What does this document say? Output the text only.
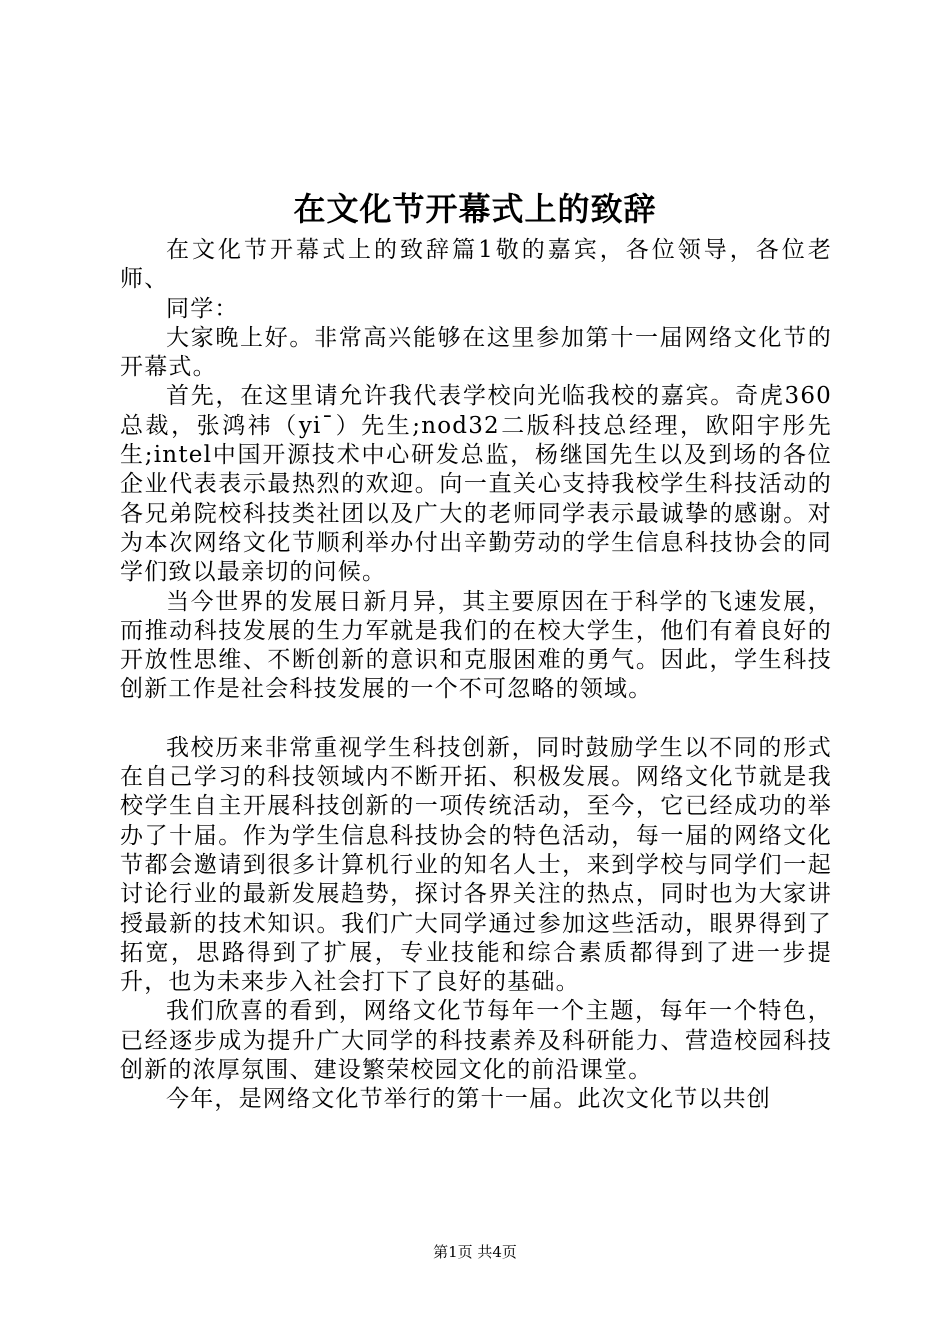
在文化节开幕式上的致辞

在文化节开幕式上的致辞篇1敬的嘉宾，各位领导，各位老师、

同学：

大家晚上好。非常高兴能够在这里参加第十一届网络文化节的开幕式。

首先，在这里请允许我代表学校向光临我校的嘉宾。奇虎360总裁，张鸿祎（yi¯）先生;nod32二版科技总经理，欧阳宇彤先生;intel中国开源技术中心研发总监，杨继国先生以及到场的各位企业代表表示最热烈的欢迎。向一直关心支持我校学生科技活动的各兄弟院校科技类社团以及广大的老师同学表示最诚挚的感谢。对为本次网络文化节顺利举办付出辛勤劳动的学生信息科技协会的同学们致以最亲切的问候。

当今世界的发展日新月异，其主要原因在于科学的飞速发展，而推动科技发展的生力军就是我们的在校大学生，他们有着良好的开放性思维、不断创新的意识和克服困难的勇气。因此，学生科技创新工作是社会科技发展的一个不可忽略的领域。

我校历来非常重视学生科技创新，同时鼓励学生以不同的形式在自己学习的科技领域内不断开拓、积极发展。网络文化节就是我校学生自主开展科技创新的一项传统活动，至今，它已经成功的举办了十届。作为学生信息科技协会的特色活动，每一届的网络文化节都会邀请到很多计算机行业的知名人士，来到学校与同学们一起讨论行业的最新发展趋势，探讨各界关注的热点，同时也为大家讲授最新的技术知识。我们广大同学通过参加这些活动，眼界得到了拓宽，思路得到了扩展，专业技能和综合素质都得到了进一步提升，也为未来步入社会打下了良好的基础。

我们欣喜的看到，网络文化节每年一个主题，每年一个特色，已经逐步成为提升广大同学的科技素养及科研能力、营造校园科技创新的浓厚氛围、建设繁荣校园文化的前沿课堂。

今年，是网络文化节举行的第十一届。此次文化节以共创

第1页 共4页
